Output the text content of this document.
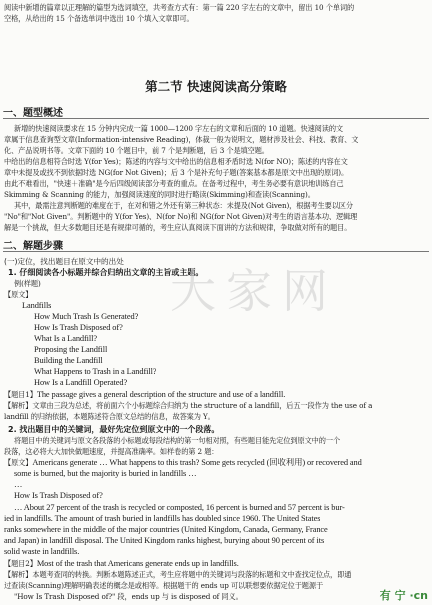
阅读中新增的篇章以正理解的篇型为选词填空，共考查方式有：第一篇 220 字左右的文章中，留出 10 个单词的
空格，从给出的 15 个备选单词中选出 10 个填入文章即可。
第二节 快速阅读高分策略
一、题型概述
新增的快速阅读要求在 15 分钟内完成一篇 1000—1200 字左右的文章和后面的 10 道题。快速阅读的文
章属于信息查询型文章(Information-intensive Reading)，体裁一般为说明文，题材涉及社会、科技、教育、文
化、产品说明书等。文章下面的 10 个题目中，前 7 个是判断题，后 3 个是填空题。
中给出的信息相符合时选 Y(for Yes)；陈述的内容与文中给出的信息相矛盾时选 N(for NO)；陈述的内容在文
章中未提及或找不到依据时选 NG(for Not Given)；后 3 个是补充句子题(答案基本都是原文中出现的原词)。
由此不难看出，"快速＋准确"是今后四级阅读部分考查的重点。在备考过程中，考生务必要有意识地训练自己
Skimming & Scanning 的能力，加强阅读速度的同时进行略读(Skimming)和查读(Scanning)。
其中，最需注意判断题的难度在于，在对和错之外还有第三种状态：未提及(Not Given)，根据考生要以区分
"No"和"Not Given"。判断题中的 Y(for Yes)、N(for No)和 NG(for Not Given)对考生的语言基本功、逻辑理
解是一个挑战，但大多数题目还是有规律可循的，考生应认真阅读下面讲的方法和规律，争取做对所有的题目。
二、解题步骤
(一)定位，找出题目在原文中的出处
1. 仔细阅读各小标题并综合归纳出文章的主旨或主题。
例(样题)
【原文】
Landfills
How Much Trash Is Generated?
How Is Trash Disposed of?
What Is a Landfill?
Proposing the Landfill
Building the Landfill
What Happens to Trash in a Landfill?
How Is a Landfill Operated?
【题目1】The passage gives a general description of the structure and use of a landfill.
【解析】文章由三段为总述，将前面六个小标题综合归纳为 the structure of a landfill，后五一段作为 the use of a
landfill 的归纳依据，本题陈述符合原文总结的信息，故答案为 Y。
2. 找出题目中的关键词，最好先定位到原文中的一个段落。
将题目中的关键词与原文各段落的小标题或每段结构的第一句相对照，有些题目能先定位到原文中的一个
段落，这必将大大加快做题速度，并提高准确率。如样卷的第 2 题：
【原文】Americans generate … What happens to this trash? Some gets recycled (回收利用) or recovered and
some is burned, but the majority is buried in landfills …
…
How Is Trash Disposed of?
… About 27 percent of the trash is recycled or composted, 16 percent is burned and 57 percent is bur-
ied in landfills. The amount of trash buried in landfills has doubled since 1960. The United States
ranks somewhere in the middle of the major countries (United Kingdom, Canada, Germany, France
and Japan) in landfill disposal. The United Kingdom ranks highest, burying about 90 percent of its
solid waste in landfills.
【题目2】Most of the trash that Americans generate ends up in landfills.
【解析】本题考查同的转换。判断本题陈述正式，考生应将题中的关键词与段落的标题和文中查找定位点，即通
过查读(Scanning)理解明确表述的概念是或相等。根据题干的 ends up 可以联想要依据定位于题源于
"How Is Trash Disposed of?" 段，ends up 与 is disposed of 同义。
大家网
有 宁 ·cn
